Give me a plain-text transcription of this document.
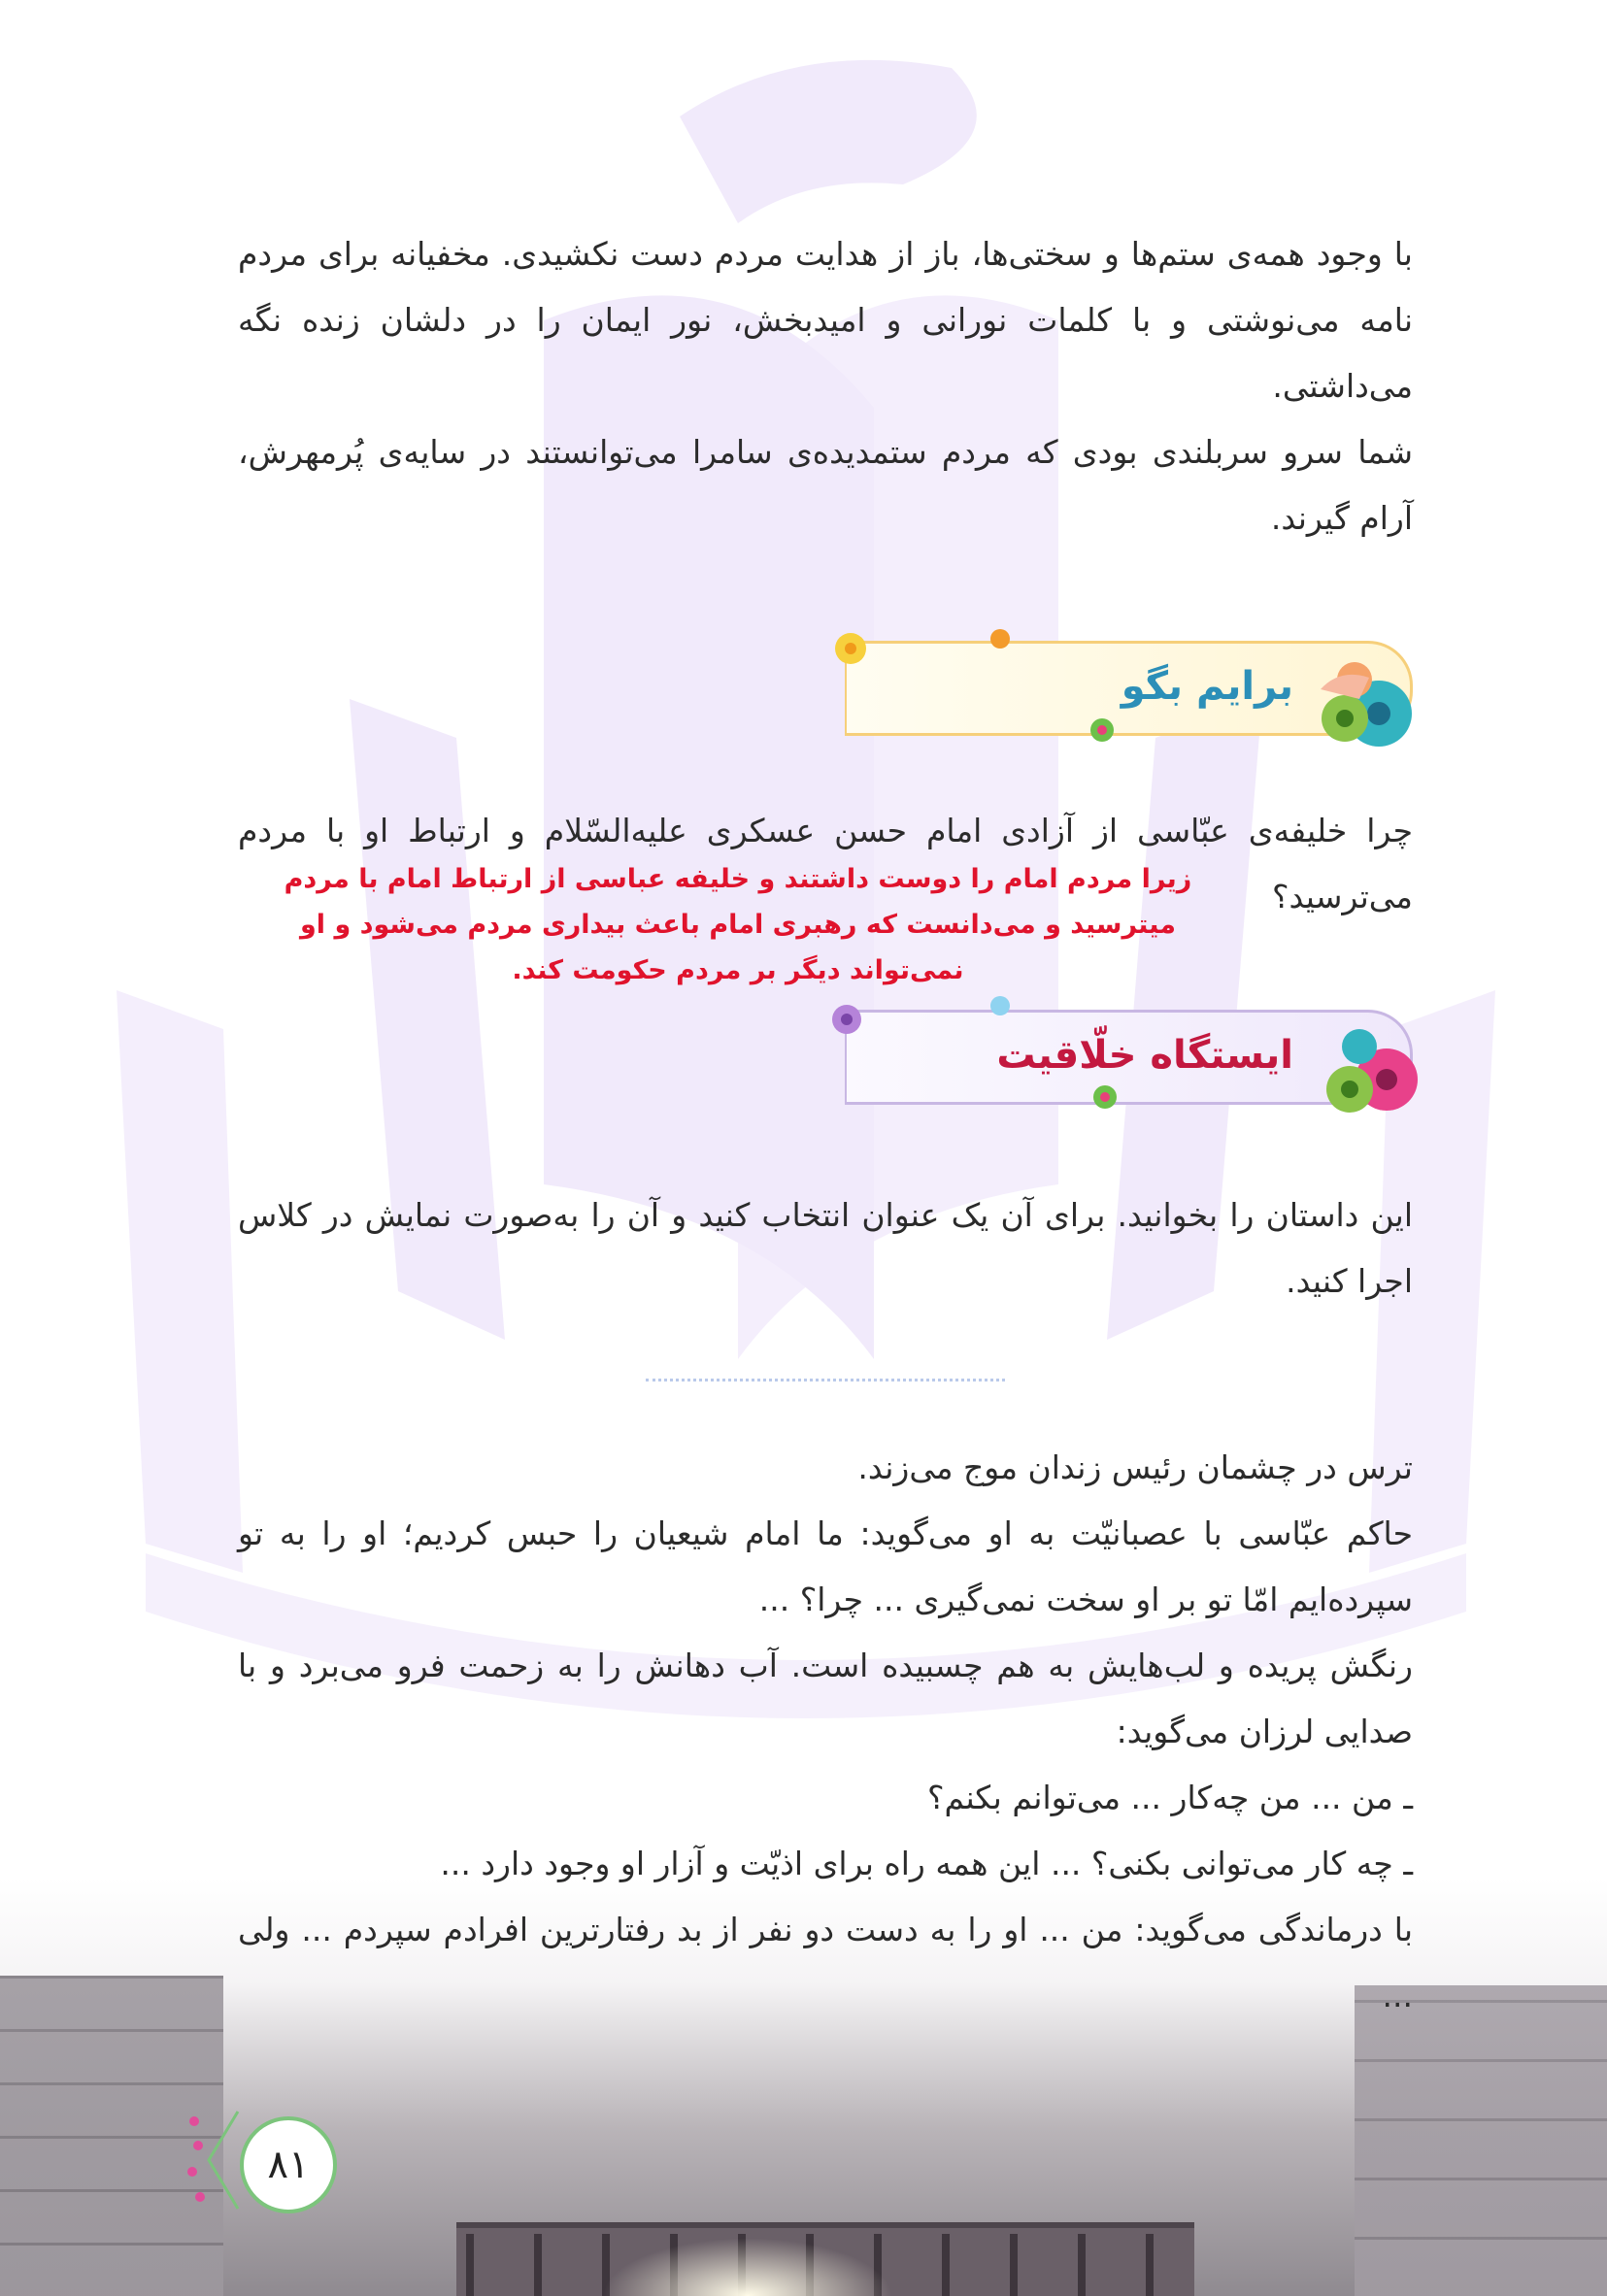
با وجود همه‌ی ستم‌ها و سختی‌ها، باز از هدایت مردم دست نکشیدی. مخفیانه برای مردم نامه می‌نوشتی و با کلمات نورانی و امیدبخش، نور ایمان را در دلشان زنده نگه می‌داشتی.

شما سرو سربلندی بودی که مردم ستمدیده‌ی سامرا می‌توانستند در سایه‌ی پُرمهرش، آرام گیرند.

برایم بگو

چرا خلیفه‌ی عبّاسی از آزادی امام حسن عسکری علیه‌السّلام و ارتباط او با مردم می‌ترسید؟

زیرا مردم امام را دوست داشتند و خلیفه عباسی از ارتباط امام با مردم میترسید و می‌دانست که رهبری امام باعث بیداری مردم می‌شود و او نمی‌تواند دیگر بر مردم حکومت کند.

ایستگاه خلّاقیت

این داستان را بخوانید. برای آن یک عنوان انتخاب کنید و آن را به‌صورت نمایش در کلاس اجرا کنید.

ترس در چشمان رئیس زندان موج می‌زند.

حاکم عبّاسی با عصبانیّت به او می‌گوید: ما امام شیعیان را حبس کردیم؛ او را به تو سپرده‌ایم امّا تو بر او سخت نمی‌گیری ... چرا؟ ...

رنگش پریده و لب‌هایش به هم چسبیده است. آب دهانش را به زحمت فرو می‌برد و با صدایی لرزان می‌گوید:

ـ من ... من چه‌کار ... می‌توانم بکنم؟

ـ چه کار می‌توانی بکنی؟ ... این همه راه برای اذیّت و آزار او وجود دارد ...

با درماندگی می‌گوید: من ... او را به دست دو نفر از بد رفتارترین افرادم سپردم ... ولی ...

۸۱
